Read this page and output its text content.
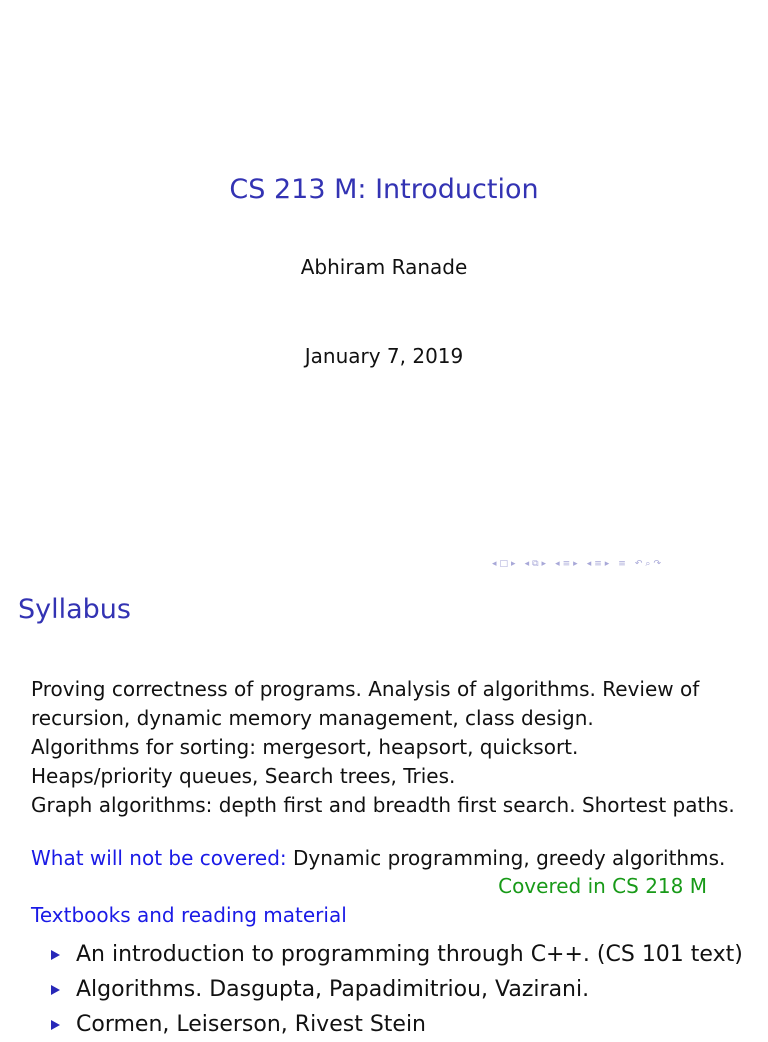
CS 213 M: Introduction
Abhiram Ranade
January 7, 2019
◂ □ ▸ ◂ ⧉ ▸ ◂ ≡ ▸ ◂ ≡ ▸ ≡ ↶ ⌕ ↷
Syllabus
Proving correctness of programs. Analysis of algorithms. Review of
recursion, dynamic memory management, class design.
Algorithms for sorting: mergesort, heapsort, quicksort.
Heaps/priority queues, Search trees, Tries.
Graph algorithms: depth first and breadth first search. Shortest paths.
What will not be covered: Dynamic programming, greedy algorithms.
Covered in CS 218 M
Textbooks and reading material
An introduction to programming through C++. (CS 101 text)
Algorithms. Dasgupta, Papadimitriou, Vazirani.
Cormen, Leiserson, Rivest Stein
